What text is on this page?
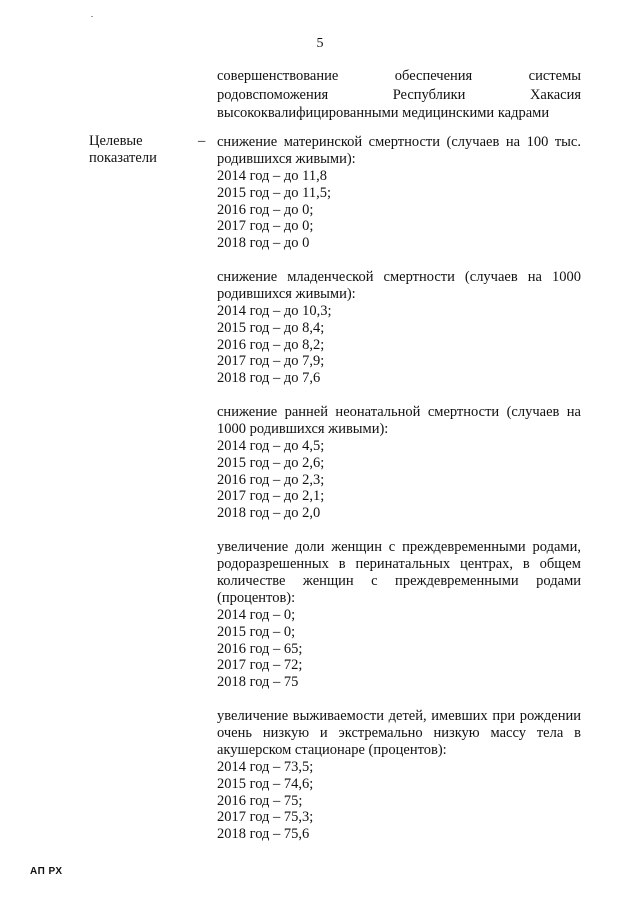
5
совершенствование обеспечения системы родовспоможения Республики Хакасия высококвалифицированными медицинскими кадрами
Целевые показатели
– снижение материнской смертности (случаев на 100 тыс. родившихся живыми):
2014 год – до 11,8
2015 год – до 11,5;
2016 год – до 0;
2017 год – до 0;
2018 год – до 0
снижение младенческой смертности (случаев на 1000 родившихся живыми):
2014 год – до 10,3;
2015 год – до 8,4;
2016 год – до 8,2;
2017 год – до 7,9;
2018 год – до 7,6
снижение ранней неонатальной смертности (случаев на 1000 родившихся живыми):
2014 год – до 4,5;
2015 год – до 2,6;
2016 год – до 2,3;
2017 год – до 2,1;
2018 год – до 2,0
увеличение доли женщин с преждевременными родами, родоразрешенных в перинатальных центрах, в общем количестве женщин с преждевременными родами (процентов):
2014 год – 0;
2015 год – 0;
2016 год – 65;
2017 год – 72;
2018 год – 75
увеличение выживаемости детей, имевших при рождении очень низкую и экстремально низкую массу тела в акушерском стационаре (процентов):
2014 год – 73,5;
2015 год – 74,6;
2016 год – 75;
2017 год – 75,3;
2018 год – 75,6
АП РХ
